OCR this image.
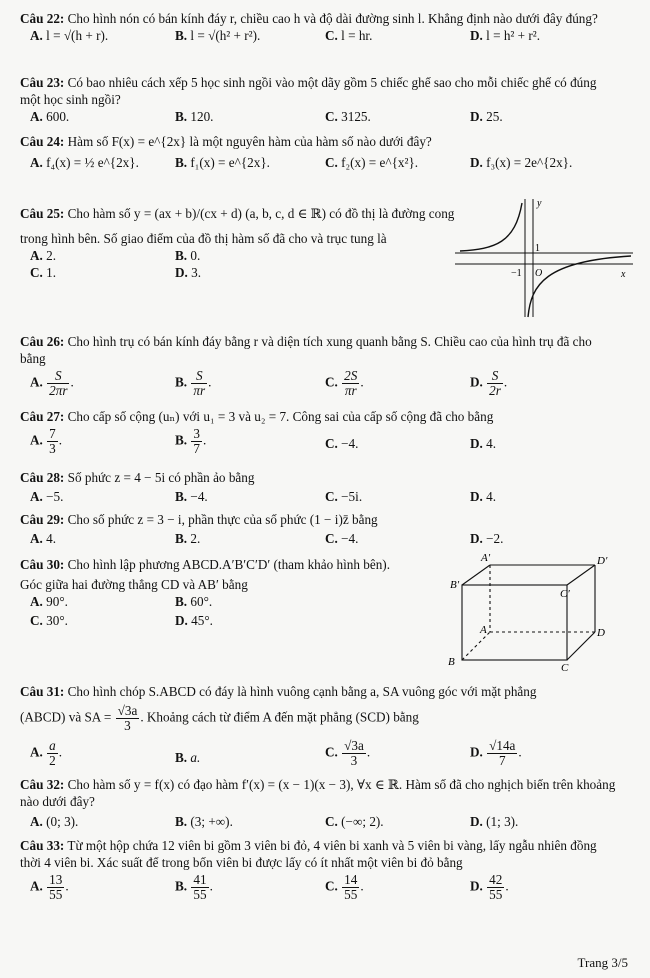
Câu 22: Cho hình nón có bán kính đáy r, chiều cao h và độ dài đường sinh l. Khẳng định nào dưới đây đúng?
A. l = √(h + r).	B. l = √(h² + r²).	C. l = hr.	D. l = h² + r².
Câu 23: Có bao nhiêu cách xếp 5 học sinh ngồi vào một dãy gồm 5 chiếc ghế sao cho mỗi chiếc ghế có đúng một học sinh ngồi?
A. 600.	B. 120.	C. 3125.	D. 25.
Câu 24: Hàm số F(x) = e^{2x} là một nguyên hàm của hàm số nào dưới đây?
A. f₄(x) = ½ e^{2x}.	B. f₁(x) = e^{2x}.	C. f₂(x) = e^{x²}.	D. f₃(x) = 2e^{2x}.
Câu 25: Cho hàm số y = (ax + b)/(cx + d) (a, b, c, d ∈ ℝ) có đồ thị là đường cong
trong hình bên. Số giao điểm của đồ thị hàm số đã cho và trục tung là
A. 2.	B. 0.
C. 1.	D. 3.
y
x
1
−1 O
Câu 26: Cho hình trụ có bán kính đáy bằng r và diện tích xung quanh bằng S. Chiều cao của hình trụ đã cho bằng
A. $\frac{S}{2\pi r}$ .	B. $\frac{S}{\pi r}$ .	C. $\frac{2S}{\pi r}$ .	D. $\frac{S}{2r}$ .
Câu 27: Cho cấp số cộng (uₙ) với u₁ = 3 và u₂ = 7. Công sai của cấp số cộng đã cho bằng
A. $\frac{7}{3}$ .	B. $\frac{3}{7}$ .	C. −4.	D. 4.
Câu 28: Số phức z = 4 − 5i có phần ảo bằng
A. −5.	B. −4.	C. −5i.	D. 4.
Câu 29: Cho số phức z = 3 − i, phần thực của số phức (1 − i)z̄ bằng
A. 4.	B. 2.	C. −4.	D. −2.
Câu 30: Cho hình lập phương ABCD.A′B′C′D′ (tham khảo hình bên).
Góc giữa hai đường thẳng CD và AB′ bằng
A. 90°.	B. 60°.
C. 30°.	D. 45°.
A′	D′
B′
C′
A	D
B	C
Câu 31: Cho hình chóp S.ABCD có đáy là hình vuông cạnh bằng a, SA vuông góc với mặt phẳng
(ABCD) và SA = $\frac{√3a}{3}$ . Khoảng cách từ điểm A đến mặt phẳng (SCD) bằng
A. $\frac{a}{2}$ .	B. a.	C. $\frac{√3a}{3}$ .	D. $\frac{√14a}{7}$ .
Câu 32: Cho hàm số y = f(x) có đạo hàm f′(x) = (x − 1)(x − 3), ∀x ∈ ℝ. Hàm số đã cho nghịch biến trên khoảng nào dưới đây?
A. (0; 3).	B. (3; +∞).	C. (−∞; 2).	D. (1; 3).
Câu 33: Từ một hộp chứa 12 viên bi gồm 3 viên bi đỏ, 4 viên bi xanh và 5 viên bi vàng, lấy ngẫu nhiên đồng thời 4 viên bi. Xác suất để trong bốn viên bi được lấy có ít nhất một viên bi đỏ bằng
A. $\frac{13}{55}$ .	B. $\frac{41}{55}$ .	C. $\frac{14}{55}$ .	D. $\frac{42}{55}$ .
Trang 3/5
